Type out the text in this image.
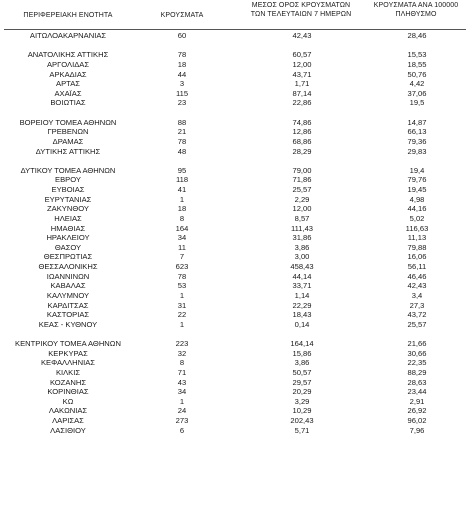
ΠΕΡΙΦΕΡΕΙΑΚΗ ΕΝΟΤΗΤΑ	ΚΡΟΥΣΜΑΤΑ
ΜΕΣΟΣ ΟΡΟΣ ΚΡΟΥΣΜΑΤΩΝ
ΤΩΝ ΤΕΛΕΥΤΑΙΩΝ 7 ΗΜΕΡΩΝ
ΚΡΟΥΣΜΑΤΑ ΑΝΑ 100000
ΠΛΗΘΥΣΜΟ
ΑΙΤΩΛΟΑΚΑΡΝΑΝΙΑΣ	60	42,43	28,46
ΑΝΑΤΟΛΙΚΗΣ ΑΤΤΙΚΗΣ	78	60,57	15,53
ΑΡΓΟΛΙΔΑΣ	18	12,00	18,55
ΑΡΚΑΔΙΑΣ	44	43,71	50,76
ΑΡΤΑΣ	3	1,71	4,42
ΑΧΑΪΑΣ	115	87,14	37,06
ΒΟΙΩΤΙΑΣ	23	22,86	19,5
ΒΟΡΕΙΟΥ ΤΟΜΕΑ ΑΘΗΝΩΝ	88	74,86	14,87
ΓΡΕΒΕΝΩΝ	21	12,86	66,13
ΔΡΑΜΑΣ	78	68,86	79,36
ΔΥΤΙΚΗΣ ΑΤΤΙΚΗΣ	48	28,29	29,83
ΔΥΤΙΚΟΥ ΤΟΜΕΑ ΑΘΗΝΩΝ	95	79,00	19,4
ΕΒΡΟΥ	118	71,86	79,76
ΕΥΒΟΙΑΣ	41	25,57	19,45
ΕΥΡΥΤΑΝΙΑΣ	1	2,29	4,98
ΖΑΚΥΝΘΟΥ	18	12,00	44,16
ΗΛΕΙΑΣ	8	8,57	5,02
ΗΜΑΘΙΑΣ	164	111,43	116,63
ΗΡΑΚΛΕΙΟΥ	34	31,86	11,13
ΘΑΣΟΥ	11	3,86	79,88
ΘΕΣΠΡΩΤΙΑΣ	7	3,00	16,06
ΘΕΣΣΑΛΟΝΙΚΗΣ	623	458,43	56,11
ΙΩΑΝΝΙΝΩΝ	78	44,14	46,46
ΚΑΒΑΛΑΣ	53	33,71	42,43
ΚΑΛΥΜΝΟΥ	1	1,14	3,4
ΚΑΡΔΙΤΣΑΣ	31	22,29	27,3
ΚΑΣΤΟΡΙΑΣ	22	18,43	43,72
ΚΕΑΣ - ΚΥΘΝΟΥ	1	0,14	25,57
ΚΕΝΤΡΙΚΟΥ ΤΟΜΕΑ ΑΘΗΝΩΝ	223	164,14	21,66
ΚΕΡΚΥΡΑΣ	32	15,86	30,66
ΚΕΦΑΛΛΗΝΙΑΣ	8	3,86	22,35
ΚΙΛΚΙΣ	71	50,57	88,29
ΚΟΖΑΝΗΣ	43	29,57	28,63
ΚΟΡΙΝΘΙΑΣ	34	20,29	23,44
ΚΩ	1	3,29	2,91
ΛΑΚΩΝΙΑΣ	24	10,29	26,92
ΛΑΡΙΣΑΣ	273	202,43	96,02
ΛΑΣΙΘΙΟΥ	6	5,71	7,96
